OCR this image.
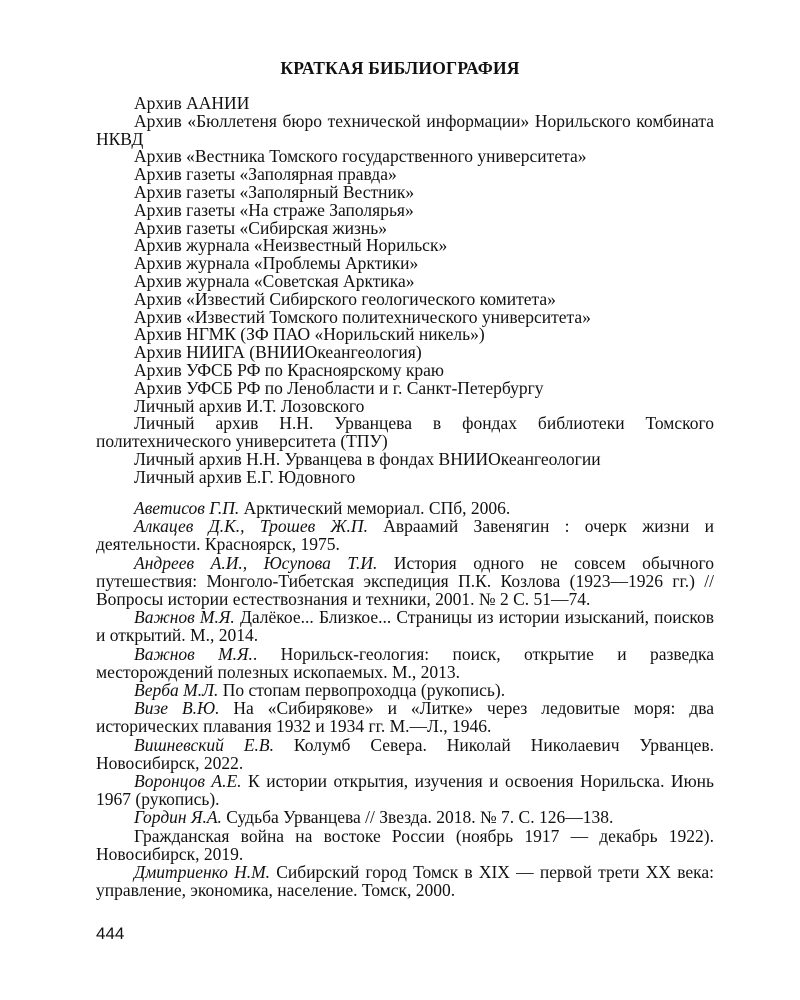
КРАТКАЯ БИБЛИОГРАФИЯ

Архив ААНИИ

Архив «Бюллетеня бюро технической информации» Норильского комбината НКВД

Архив «Вестника Томского государственного университета»

Архив газеты «Заполярная правда»

Архив газеты «Заполярный Вестник»

Архив газеты «На страже Заполярья»

Архив газеты «Сибирская жизнь»

Архив журнала «Неизвестный Норильск»

Архив журнала «Проблемы Арктики»

Архив журнала «Советская Арктика»

Архив «Известий Сибирского геологического комитета»

Архив «Известий Томского политехнического университета»

Архив НГМК (ЗФ ПАО «Норильский никель»)

Архив НИИГА (ВНИИОкеангеология)

Архив УФСБ РФ по Красноярскому краю

Архив УФСБ РФ по Ленобласти и г. Санкт-Петербургу

Личный архив И.Т. Лозовского

Личный архив Н.Н. Урванцева в фондах библиотеки Томского политехнического университета (ТПУ)

Личный архив Н.Н. Урванцева в фондах ВНИИОкеангеологии

Личный архив Е.Г. Юдовного

Аветисов Г.П. Арктический мемориал. СПб, 2006.

Алкацев Д.К., Трошев Ж.П. Авраамий Завенягин : очерк жизни и деятельности. Красноярск, 1975.

Андреев А.И., Юсупова Т.И. История одного не совсем обычного путешествия: Монголо-Тибетская экспедиция П.К. Козлова (1923—1926 гг.) // Вопросы истории естествознания и техники, 2001. № 2 С. 51—74.

Важнов М.Я. Далёкое... Близкое... Страницы из истории изысканий, поисков и открытий. М., 2014.

Важнов М.Я.. Норильск-геология: поиск, открытие и разведка месторождений полезных ископаемых. М., 2013.

Верба М.Л. По стопам первопроходца (рукопись).

Визе В.Ю. На «Сибирякове» и «Литке» через ледовитые моря: два исторических плавания 1932 и 1934 гг. М.—Л., 1946.

Вишневский Е.В. Колумб Севера. Николай Николаевич Урванцев. Новосибирск, 2022.

Воронцов А.Е. К истории открытия, изучения и освоения Норильска. Июнь 1967 (рукопись).

Гордин Я.А. Судьба Урванцева // Звезда. 2018. № 7. С. 126—138.

Гражданская война на востоке России (ноябрь 1917 — декабрь 1922). Новосибирск, 2019.

Дмитриенко Н.М. Сибирский город Томск в XIX — первой трети XX века: управление, экономика, население. Томск, 2000.

444
